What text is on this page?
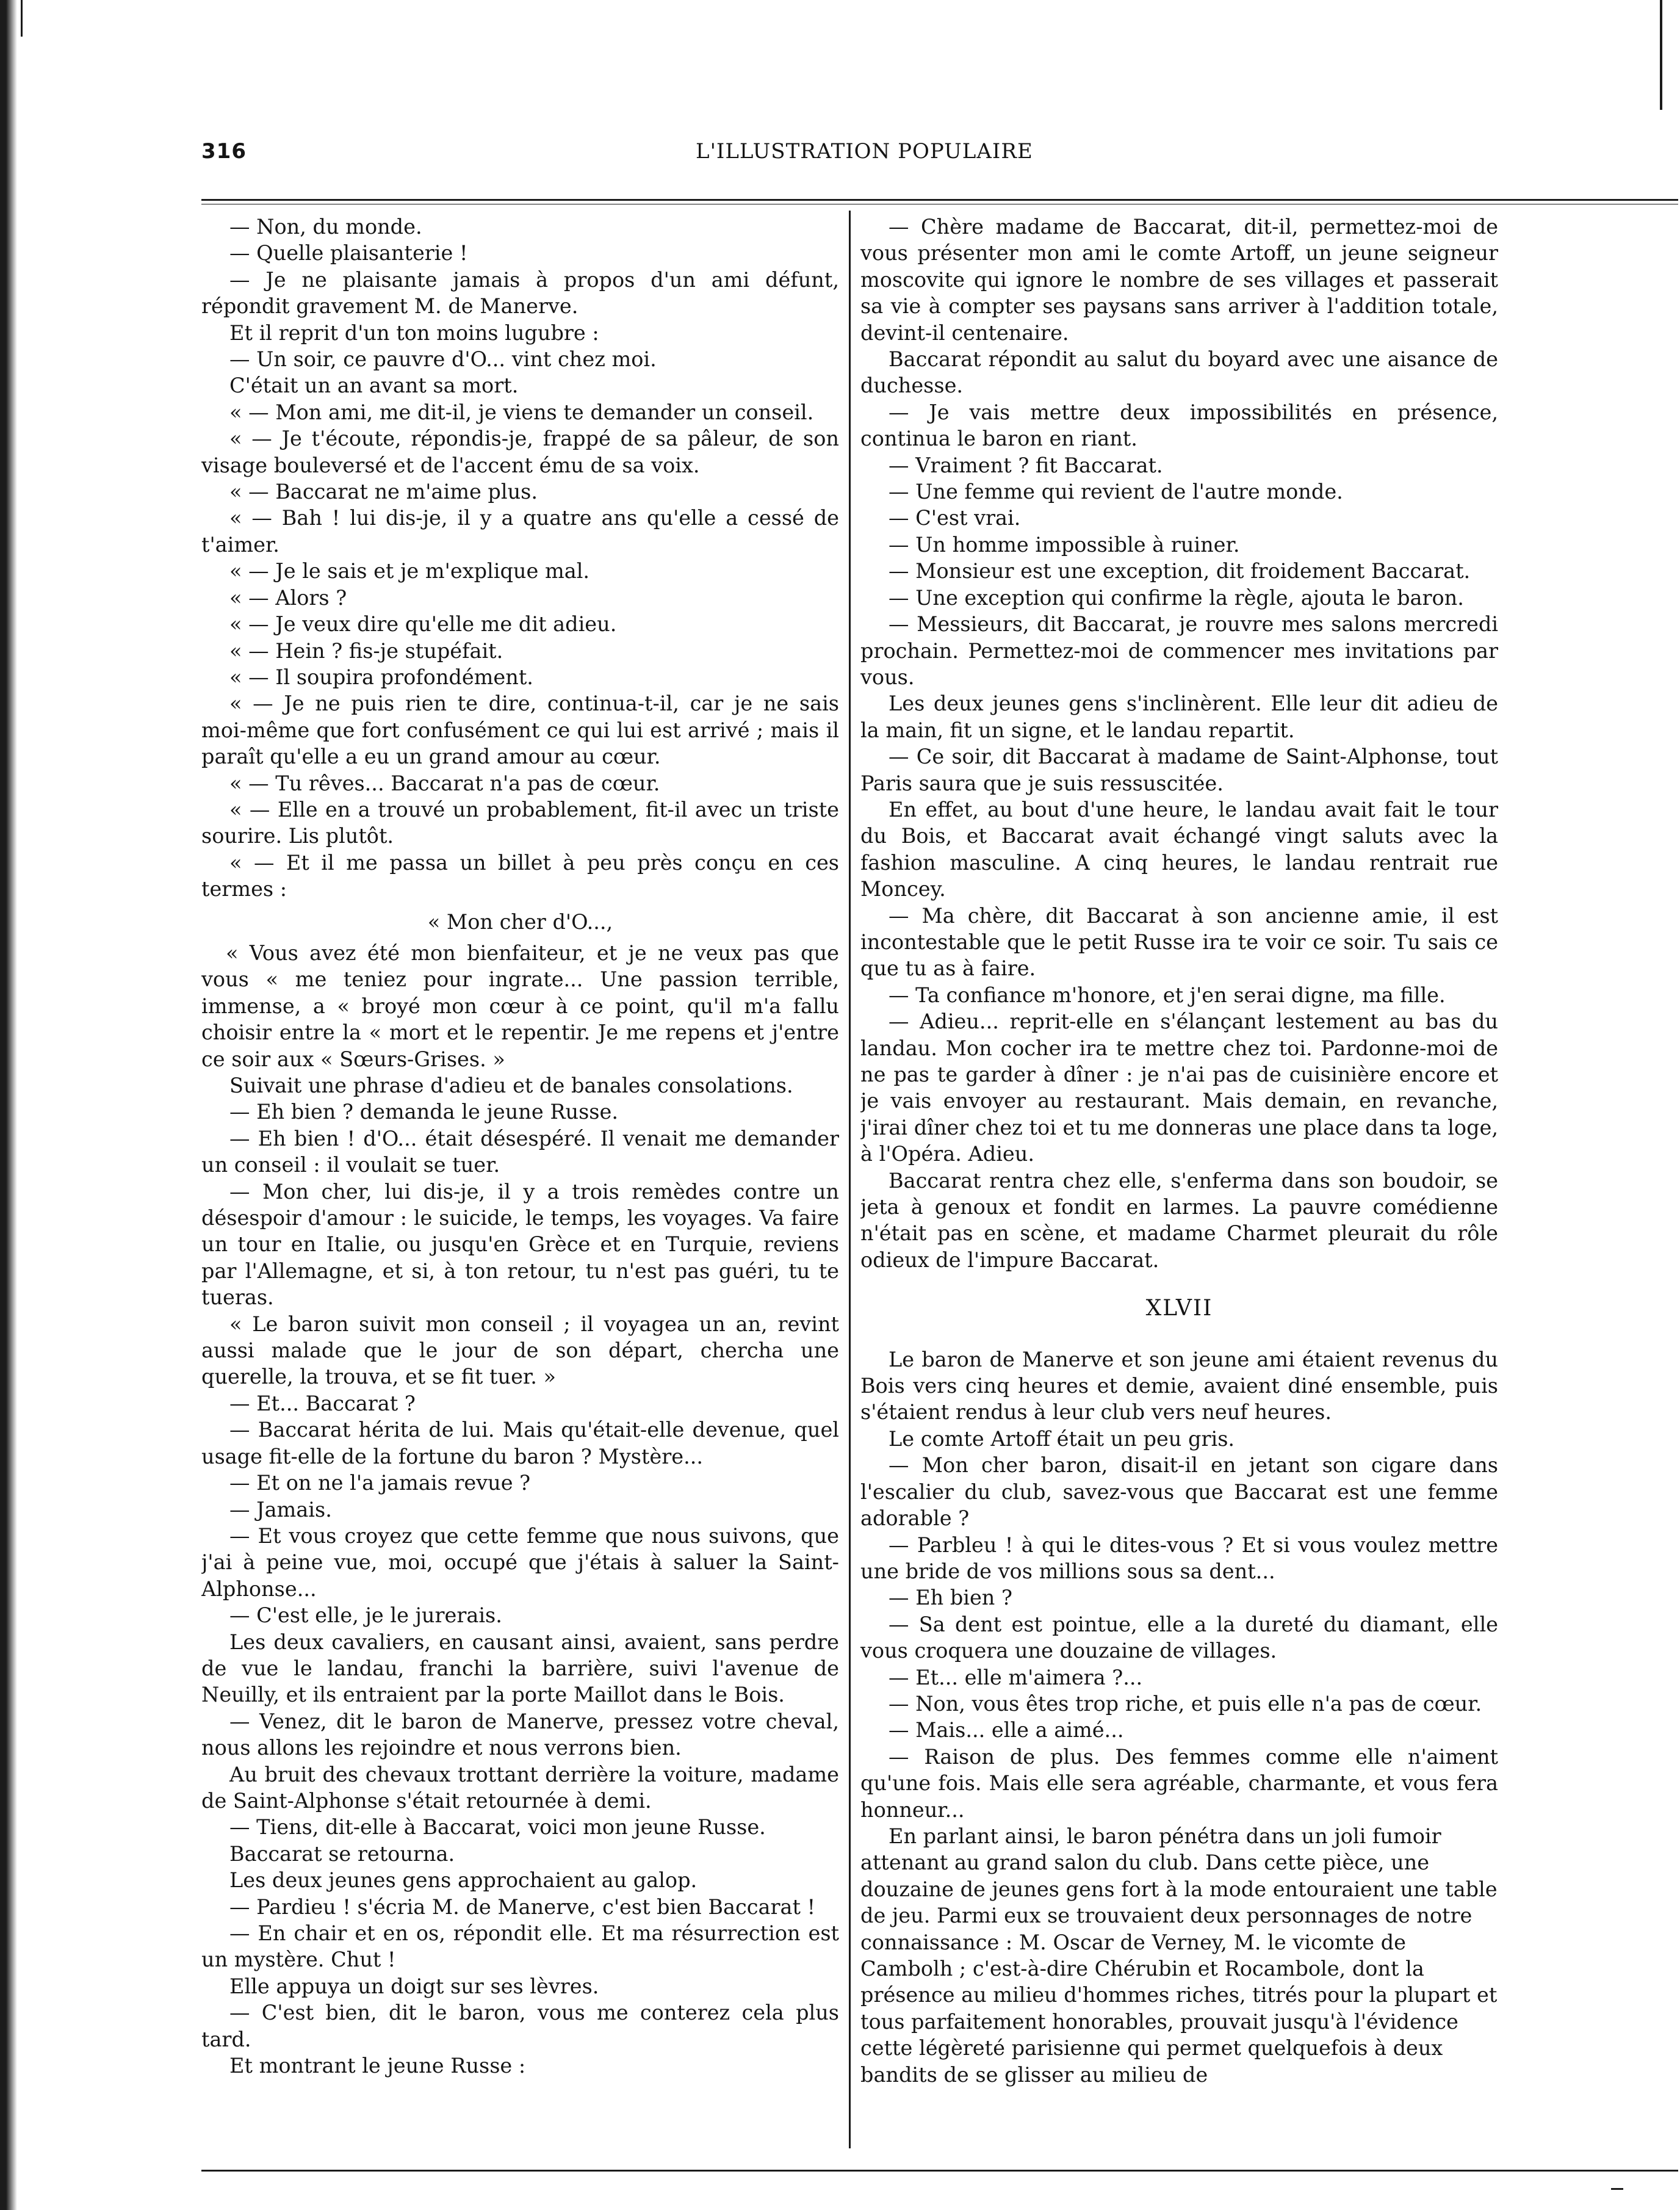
316	L'ILLUSTRATION POPULAIRE

— Non, du monde.

— Quelle plaisanterie !

— Je ne plaisante jamais à propos d'un ami défunt, répondit gravement M. de Manerve.

Et il reprit d'un ton moins lugubre :

— Un soir, ce pauvre d'O... vint chez moi.

C'était un an avant sa mort.

« — Mon ami, me dit-il, je viens te demander un conseil.

« — Je t'écoute, répondis-je, frappé de sa pâleur, de son visage bouleversé et de l'accent ému de sa voix.

« — Baccarat ne m'aime plus.

« — Bah ! lui dis-je, il y a quatre ans qu'elle a cessé de t'aimer.

« — Je le sais et je m'explique mal.

« — Alors ?

« — Je veux dire qu'elle me dit adieu.

« — Hein ? fis-je stupéfait.

« — Il soupira profondément.

« — Je ne puis rien te dire, continua-t-il, car je ne sais moi-même que fort confusément ce qui lui est arrivé ; mais il paraît qu'elle a eu un grand amour au cœur.

« — Tu rêves... Baccarat n'a pas de cœur.

« — Elle en a trouvé un probablement, fit-il avec un triste sourire. Lis plutôt.

« — Et il me passa un billet à peu près conçu en ces termes :

« Mon cher d'O...,

« Vous avez été mon bienfaiteur, et je ne veux pas que vous « me teniez pour ingrate... Une passion terrible, immense, a « broyé mon cœur à ce point, qu'il m'a fallu choisir entre la « mort et le repentir. Je me repens et j'entre ce soir aux « Sœurs-Grises. »

Suivait une phrase d'adieu et de banales consolations.

— Eh bien ? demanda le jeune Russe.

— Eh bien ! d'O... était désespéré. Il venait me demander un conseil : il voulait se tuer.

— Mon cher, lui dis-je, il y a trois remèdes contre un désespoir d'amour : le suicide, le temps, les voyages. Va faire un tour en Italie, ou jusqu'en Grèce et en Turquie, reviens par l'Allemagne, et si, à ton retour, tu n'est pas guéri, tu te tueras.

« Le baron suivit mon conseil ; il voyagea un an, revint aussi malade que le jour de son départ, chercha une querelle, la trouva, et se fit tuer. »

— Et... Baccarat ?

— Baccarat hérita de lui. Mais qu'était-elle devenue, quel usage fit-elle de la fortune du baron ? Mystère...

— Et on ne l'a jamais revue ?

— Jamais.

— Et vous croyez que cette femme que nous suivons, que j'ai à peine vue, moi, occupé que j'étais à saluer la Saint-Alphonse...

— C'est elle, je le jurerais.

Les deux cavaliers, en causant ainsi, avaient, sans perdre de vue le landau, franchi la barrière, suivi l'avenue de Neuilly, et ils entraient par la porte Maillot dans le Bois.

— Venez, dit le baron de Manerve, pressez votre cheval, nous allons les rejoindre et nous verrons bien.

Au bruit des chevaux trottant derrière la voiture, madame de Saint-Alphonse s'était retournée à demi.

— Tiens, dit-elle à Baccarat, voici mon jeune Russe.

Baccarat se retourna.

Les deux jeunes gens approchaient au galop.

— Pardieu ! s'écria M. de Manerve, c'est bien Baccarat !

— En chair et en os, répondit elle. Et ma résurrection est un mystère. Chut !

Elle appuya un doigt sur ses lèvres.

— C'est bien, dit le baron, vous me conterez cela plus tard.

Et montrant le jeune Russe :

— Chère madame de Baccarat, dit-il, permettez-moi de vous présenter mon ami le comte Artoff, un jeune seigneur moscovite qui ignore le nombre de ses villages et passerait sa vie à compter ses paysans sans arriver à l'addition totale, devint-il centenaire.

Baccarat répondit au salut du boyard avec une aisance de duchesse.

— Je vais mettre deux impossibilités en présence, continua le baron en riant.

— Vraiment ? fit Baccarat.

— Une femme qui revient de l'autre monde.

— C'est vrai.

— Un homme impossible à ruiner.

— Monsieur est une exception, dit froidement Baccarat.

— Une exception qui confirme la règle, ajouta le baron.

— Messieurs, dit Baccarat, je rouvre mes salons mercredi prochain. Permettez-moi de commencer mes invitations par vous.

Les deux jeunes gens s'inclinèrent. Elle leur dit adieu de la main, fit un signe, et le landau repartit.

— Ce soir, dit Baccarat à madame de Saint-Alphonse, tout Paris saura que je suis ressuscitée.

En effet, au bout d'une heure, le landau avait fait le tour du Bois, et Baccarat avait échangé vingt saluts avec la fashion masculine. A cinq heures, le landau rentrait rue Moncey.

— Ma chère, dit Baccarat à son ancienne amie, il est incontestable que le petit Russe ira te voir ce soir. Tu sais ce que tu as à faire.

— Ta confiance m'honore, et j'en serai digne, ma fille.

— Adieu... reprit-elle en s'élançant lestement au bas du landau. Mon cocher ira te mettre chez toi. Pardonne-moi de ne pas te garder à dîner : je n'ai pas de cuisinière encore et je vais envoyer au restaurant. Mais demain, en revanche, j'irai dîner chez toi et tu me donneras une place dans ta loge, à l'Opéra. Adieu.

Baccarat rentra chez elle, s'enferma dans son boudoir, se jeta à genoux et fondit en larmes. La pauvre comédienne n'était pas en scène, et madame Charmet pleurait du rôle odieux de l'impure Baccarat.

XLVII

Le baron de Manerve et son jeune ami étaient revenus du Bois vers cinq heures et demie, avaient diné ensemble, puis s'étaient rendus à leur club vers neuf heures.

Le comte Artoff était un peu gris.

— Mon cher baron, disait-il en jetant son cigare dans l'escalier du club, savez-vous que Baccarat est une femme adorable ?

— Parbleu ! à qui le dites-vous ? Et si vous voulez mettre une bride de vos millions sous sa dent...

— Eh bien ?

— Sa dent est pointue, elle a la dureté du diamant, elle vous croquera une douzaine de villages.

— Et... elle m'aimera ?...

— Non, vous êtes trop riche, et puis elle n'a pas de cœur.

— Mais... elle a aimé...

— Raison de plus. Des femmes comme elle n'aiment qu'une fois. Mais elle sera agréable, charmante, et vous fera honneur...

En parlant ainsi, le baron pénétra dans un joli fumoir attenant au grand salon du club. Dans cette pièce, une douzaine de jeunes gens fort à la mode entouraient une table de jeu. Parmi eux se trouvaient deux personnages de notre connaissance : M. Oscar de Verney, M. le vicomte de Cambolh ; c'est-à-dire Chérubin et Rocambole, dont la présence au milieu d'hommes riches, titrés pour la plupart et tous parfaitement honorables, prouvait jusqu'à l'évidence cette légèreté parisienne qui permet quelquefois à deux bandits de se glisser au milieu de
